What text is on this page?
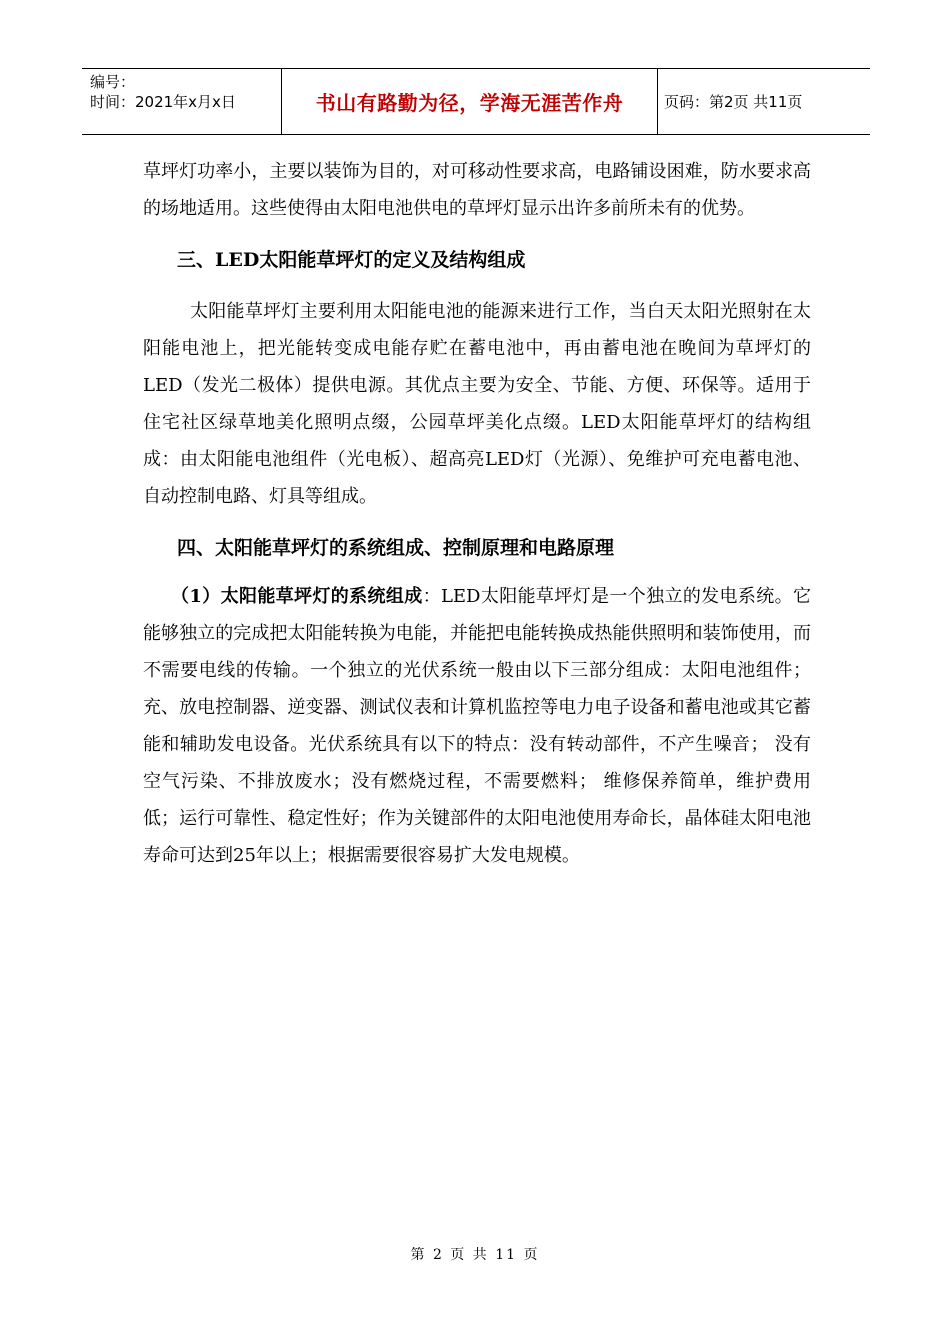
编号：
时间：2021年x月x日	书山有路勤为径，学海无涯苦作舟	页码：第2页 共11页

草坪灯功率小，主要以装饰为目的，对可移动性要求高，电路铺设困难，防水要求高的场地适用。这些使得由太阳电池供电的草坪灯显示出许多前所未有的优势。

三、LED太阳能草坪灯的定义及结构组成

太阳能草坪灯主要利用太阳能电池的能源来进行工作，当白天太阳光照射在太阳能电池上，把光能转变成电能存贮在蓄电池中，再由蓄电池在晚间为草坪灯的LED（发光二极体）提供电源。其优点主要为安全、节能、方便、环保等。适用于住宅社区绿草地美化照明点缀，公园草坪美化点缀。LED太阳能草坪灯的结构组成：由太阳能电池组件（光电板）、超高亮LED灯（光源）、免维护可充电蓄电池、自动控制电路、灯具等组成。

四、太阳能草坪灯的系统组成、控制原理和电路原理

（1）太阳能草坪灯的系统组成：LED太阳能草坪灯是一个独立的发电系统。它能够独立的完成把太阳能转换为电能，并能把电能转换成热能供照明和装饰使用，而不需要电线的传输。一个独立的光伏系统一般由以下三部分组成：太阳电池组件；充、放电控制器、逆变器、测试仪表和计算机监控等电力电子设备和蓄电池或其它蓄能和辅助发电设备。光伏系统具有以下的特点：没有转动部件，不产生噪音； 没有空气污染、不排放废水；没有燃烧过程，不需要燃料； 维修保养简单，维护费用低；运行可靠性、稳定性好；作为关键部件的太阳电池使用寿命长，晶体硅太阳电池寿命可达到25年以上；根据需要很容易扩大发电规模。

第 2 页 共 11 页
